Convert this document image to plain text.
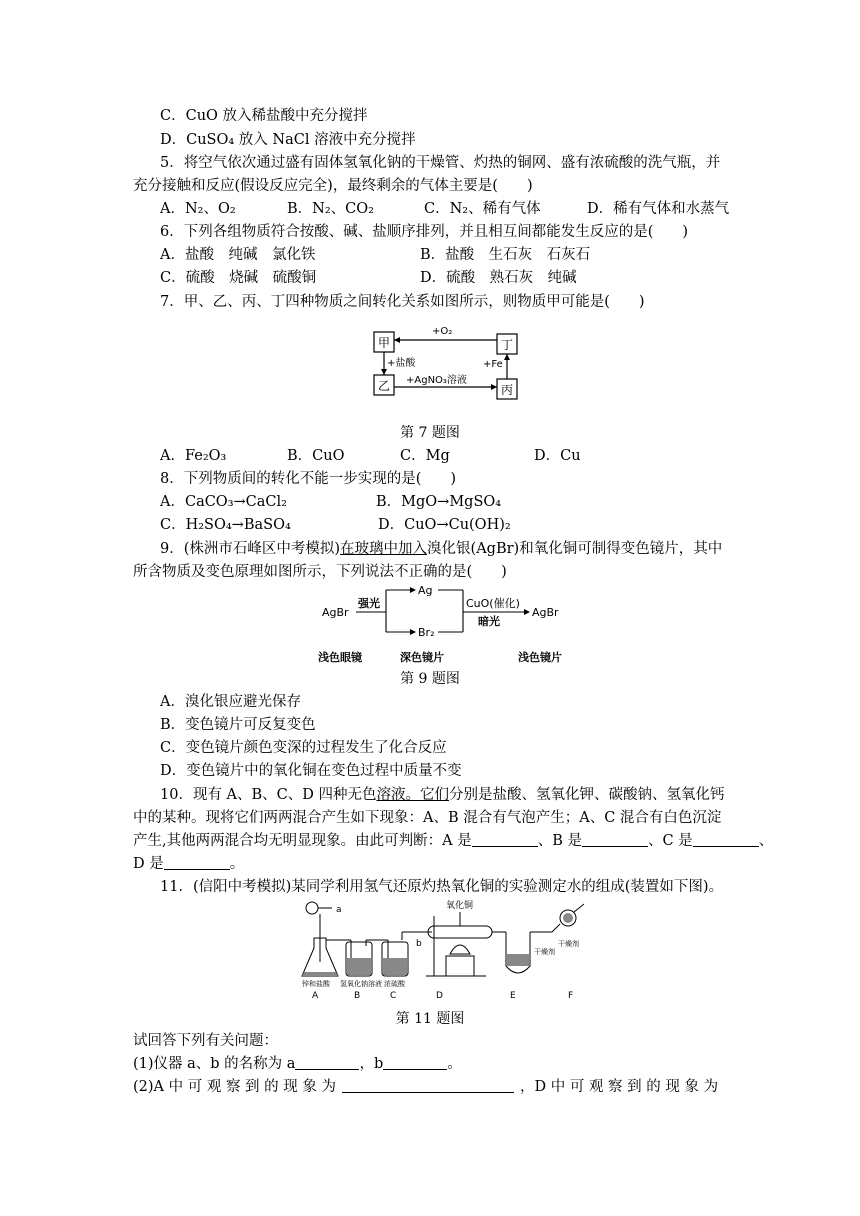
C．CuO 放入稀盐酸中充分搅拌
D．CuSO₄ 放入 NaCl 溶液中充分搅拌
5．将空气依次通过盛有固体氢氧化钠的干燥管、灼热的铜网、盛有浓硫酸的洗气瓶，并
充分接触和反应(假设反应完全)，最终剩余的气体主要是(　　)
A．N₂、O₂	B．N₂、CO₂	C．N₂、稀有气体	D．稀有气体和水蒸气
6．下列各组物质符合按酸、碱、盐顺序排列，并且相互间都能发生反应的是(　　)
A．盐酸　纯碱　氯化铁	B．盐酸　生石灰　石灰石
C．硫酸　烧碱　硫酸铜	D．硫酸　熟石灰　纯碱
7．甲、乙、丙、丁四种物质之间转化关系如图所示，则物质甲可能是(　　)
甲	丁
乙	丙
+O₂
+盐酸	+Fe
+AgNO₃溶液
第 7 题图
A．Fe₂O₃	B．CuO	C．Mg	D．Cu
8．下列物质间的转化不能一步实现的是(　　)
A．CaCO₃→CaCl₂	B．MgO→MgSO₄
C．H₂SO₄→BaSO₄	D．CuO→Cu(OH)₂
9．(株洲市石峰区中考模拟)在玻璃中加入溴化银(AgBr)和氧化铜可制得变色镜片，其中
所含物质及变色原理如图所示，下列说法不正确的是(　　)
AgBr
强光
Ag
Br₂
CuO(催化)
暗光
AgBr
浅色眼镜	深色镜片	浅色镜片
第 9 题图
A．溴化银应避光保存
B．变色镜片可反复变色
C．变色镜片颜色变深的过程发生了化合反应
D．变色镜片中的氧化铜在变色过程中质量不变
10．现有 A、B、C、D 四种无色溶液。它们分别是盐酸、氢氧化钾、碳酸钠、氢氧化钙
中的某种。现将它们两两混合产生如下现象：A、B 混合有气泡产生；A、C 混合有白色沉淀
产生,其他两两混合均无明显现象。由此可判断：A 是	、B 是	、C 是	、
D 是	。
11．(信阳中考模拟)某同学利用氢气还原灼热氧化铜的实验测定水的组成(装置如下图)。
a
b
氧化铜
干燥剂
干燥剂
锌和盐酸 氢氧化钠溶液 浓硫酸
A	B	C	D	E	F
第 11 题图
试回答下列有关问题：
(1)仪器 a、b 的名称为 a	，b	。
(2)A 中 可 观 察 到 的 现 象 为	，D 中 可 观 察 到 的 现 象 为
